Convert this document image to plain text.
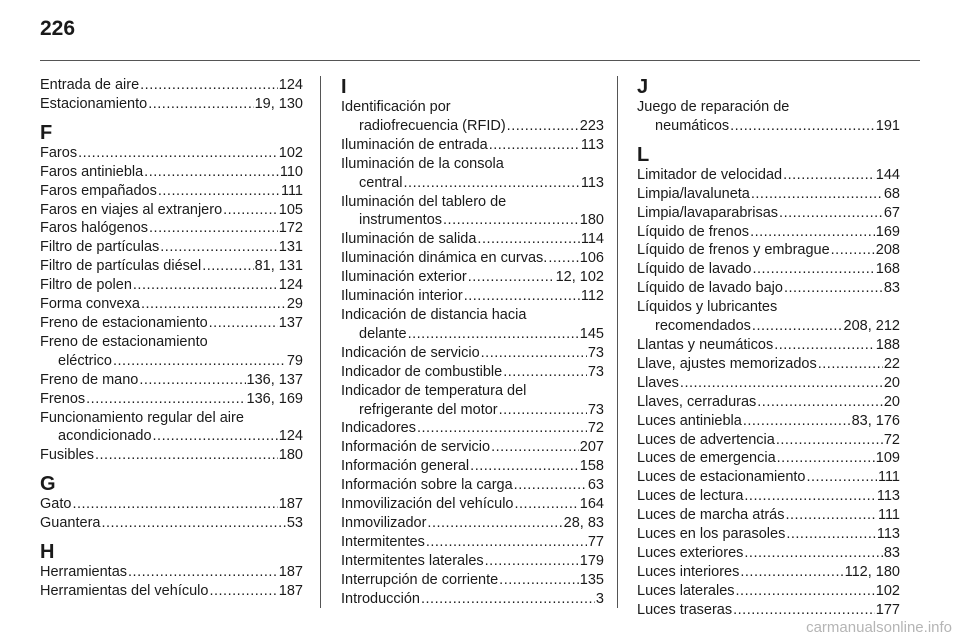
226
Entrada de aire .....	124
Estacionamiento .....	19, 130
F
Faros .....	102
Faros antiniebla .....	110
Faros empañados .....	111
Faros en viajes al extranjero .....	105
Faros halógenos .....	172
Filtro de partículas .....	131
Filtro de partículas diésel .....	81, 131
Filtro de polen .....	124
Forma convexa .....	29
Freno de estacionamiento .....	137
Freno de estacionamiento
eléctrico .....	79
Freno de mano .....	136, 137
Frenos .....	136, 169
Funcionamiento regular del aire
acondicionado .....	124
Fusibles .....	180
G
Gato .....	187
Guantera .....	53
H
Herramientas .....	187
Herramientas del vehículo .....	187
I
Identificación por
radiofrecuencia (RFID) .....	223
Iluminación de entrada .....	113
Iluminación de la consola
central .....	113
Iluminación del tablero de
instrumentos .....	180
Iluminación de salida .....	114
Iluminación dinámica en curvas. ..... 106
Iluminación exterior .....	12, 102
Iluminación interior .....	112
Indicación de distancia hacia
delante .....	145
Indicación de servicio .....	73
Indicador de combustible .....	73
Indicador de temperatura del
refrigerante del motor .....	73
Indicadores .....	72
Información de servicio .....	207
Información general .....	158
Información sobre la carga .....	63
Inmovilización del vehículo .....	164
Inmovilizador .....	28, 83
Intermitentes .....	77
Intermitentes laterales .....	179
Interrupción de corriente .....	135
Introducción .....	3
J
Juego de reparación de
neumáticos .....	191
L
Limitador de velocidad .....	144
Limpia/lavaluneta .....	68
Limpia/lavaparabrisas .....	67
Líquido de frenos .....	169
Líquido de frenos y embrague .....	208
Líquido de lavado .....	168
Líquido de lavado bajo .....	83
Líquidos y lubricantes
recomendados .....	208, 212
Llantas y neumáticos .....	188
Llave, ajustes memorizados .....	22
Llaves .....	20
Llaves, cerraduras .....	20
Luces antiniebla .....	83, 176
Luces de advertencia .....	72
Luces de emergencia .....	109
Luces de estacionamiento .....	111
Luces de lectura .....	113
Luces de marcha atrás .....	111
Luces en los parasoles .....	113
Luces exteriores .....	83
Luces interiores .....	112, 180
Luces laterales .....	102
Luces traseras .....	177
carmanualsonline.info
